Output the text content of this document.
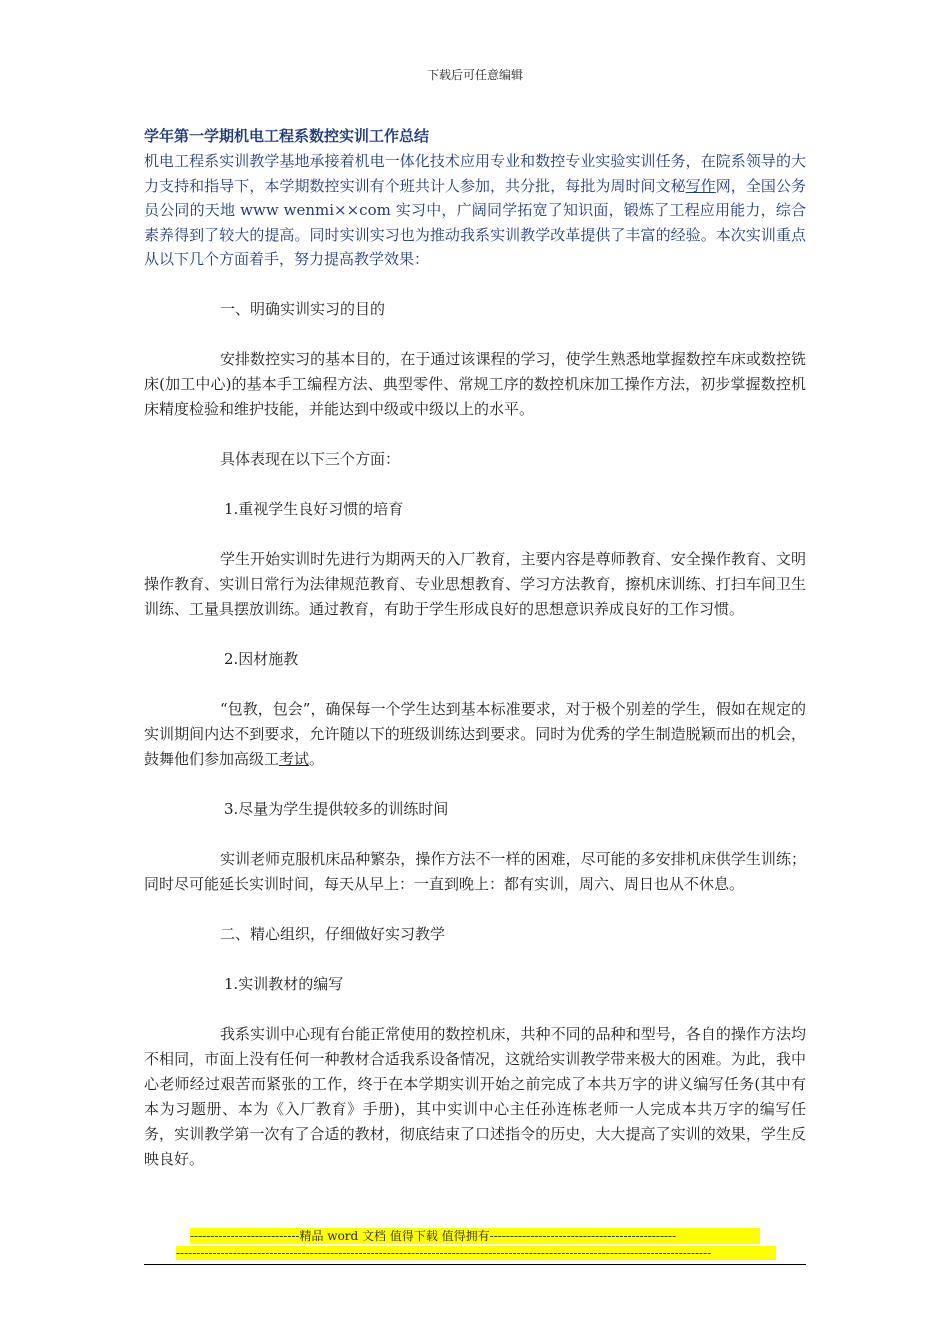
下载后可任意编辑

学年第一学期机电工程系数控实训工作总结

机电工程系实训教学基地承接着机电一体化技术应用专业和数控专业实验实训任务，在院系领导的大力支持和指导下，本学期数控实训有个班共计人参加，共分批，每批为周时间文秘写作网，全国公务员公同的天地 www wenmi××com 实习中，广阔同学拓宽了知识面，锻炼了工程应用能力，综合素养得到了较大的提高。同时实训实习也为推动我系实训教学改革提供了丰富的经验。本次实训重点从以下几个方面着手，努力提高教学效果：

一、明确实训实习的目的

安排数控实习的基本目的，在于通过该课程的学习，使学生熟悉地掌握数控车床或数控铣床(加工中心)的基本手工编程方法、典型零件、常规工序的数控机床加工操作方法，初步掌握数控机床精度检验和维护技能，并能达到中级或中级以上的水平。

具体表现在以下三个方面：

1.重视学生良好习惯的培育

学生开始实训时先进行为期两天的入厂教育，主要内容是尊师教育、安全操作教育、文明操作教育、实训日常行为法律规范教育、专业思想教育、学习方法教育，擦机床训练、打扫车间卫生训练、工量具摆放训练。通过教育，有助于学生形成良好的思想意识养成良好的工作习惯。

2.因材施教

“包教，包会”，确保每一个学生达到基本标准要求，对于极个别差的学生，假如在规定的实训期间内达不到要求，允许随以下的班级训练达到要求。同时为优秀的学生制造脱颖而出的机会，鼓舞他们参加高级工考试。

3.尽量为学生提供较多的训练时间

实训老师克服机床品种繁杂，操作方法不一样的困难，尽可能的多安排机床供学生训练；同时尽可能延长实训时间，每天从早上：一直到晚上：都有实训，周六、周日也从不休息。

二、精心组织，仔细做好实习教学

1.实训教材的编写

我系实训中心现有台能正常使用的数控机床，共种不同的品种和型号，各自的操作方法均不相同，市面上没有任何一种教材合适我系设备情况，这就给实训教学带来极大的困难。为此，我中心老师经过艰苦而紧张的工作，终于在本学期实训开始之前完成了本共万字的讲义编写任务(其中有本为习题册、本为《入厂教育》手册)，其中实训中心主任孙连栋老师一人完成本共万字的编写任务，实训教学第一次有了合适的教材，彻底结束了口述指令的历史，大大提高了实训的效果，学生反映良好。

---------------------------精品 word 文档 值得下载 值得拥有----------------------------------------------
------------------------------------------------------------------------------------------------------------------------------------
